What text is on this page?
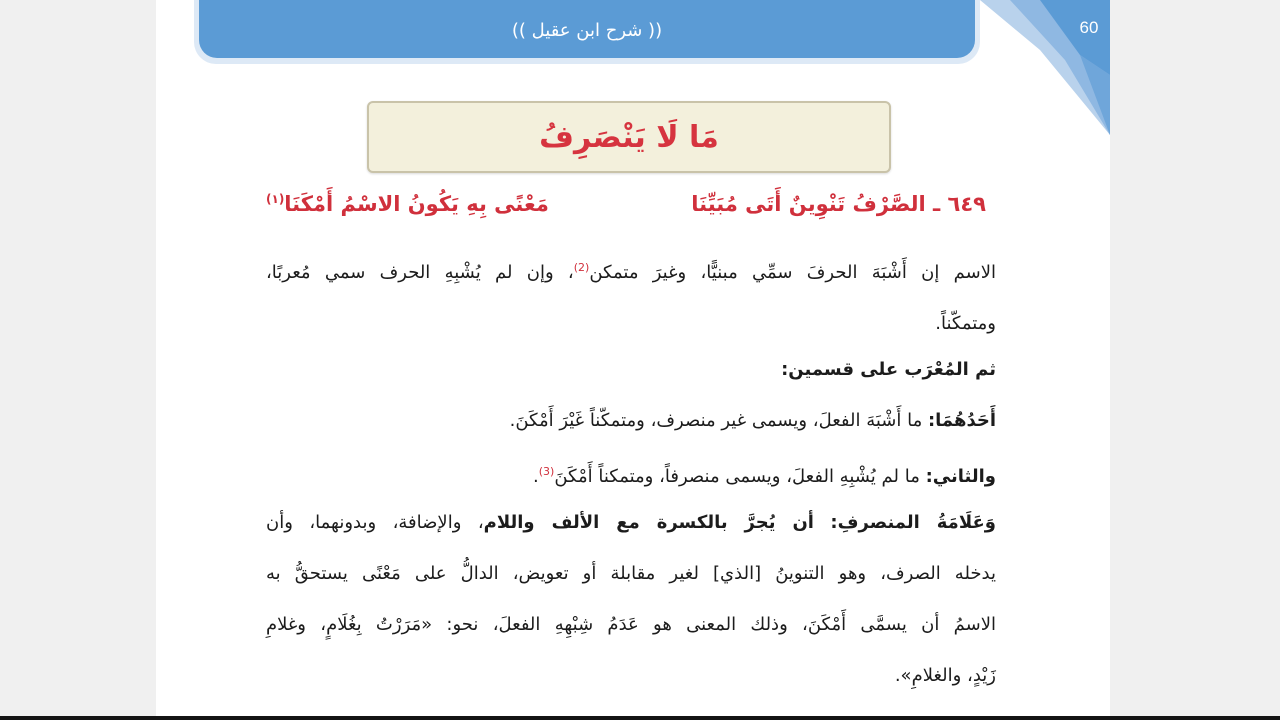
60
(( شرح ابن عقيل ))
مَا لَا يَنْصَرِفُ
٦٤٩ ـ الصَّرْفُ تَنْوِينٌ أَتَى مُبَيِّنَا
مَعْنًى بِهِ يَكُونُ الاسْمُ أَمْكَنَا$^{(١)}$
الاسم إن أَشْبَهَ الحرفَ سمِّي مبنيًّا، وغيرَ متمكن$^{(2)}$، وإن لم يُشْبِهِ الحرف سمي مُعربًا،
ومتمكّناً.
ثم المُعْرَب على قسمين:
أَحَدُهُمَا: ما أَشْبَهَ الفعلَ، ويسمى غير منصرف، ومتمكّناً غَيْرَ أَمْكَنَ.
والثاني: ما لم يُشْبِهِ الفعلَ، ويسمى منصرفاً، ومتمكناً أَمْكَنَ$^{(3)}$.
وَعَلَامَةُ المنصرفِ: أن يُجرَّ بالكسرة مع الألف واللام، والإضافة، وبدونهما، وأن
يدخله الصرف، وهو التنوينُ [الذي] لغير مقابلة أو تعويض، الدالُّ على مَعْنًى يستحقُّ به
الاسمُ أن يسمَّى أَمْكَنَ، وذلك المعنى هو عَدَمُ شِبْهِهِ الفعلَ، نحو: «مَرَرْتُ بِغُلَامٍ، وغلامِ
زَيْدٍ، والغلامِ».
